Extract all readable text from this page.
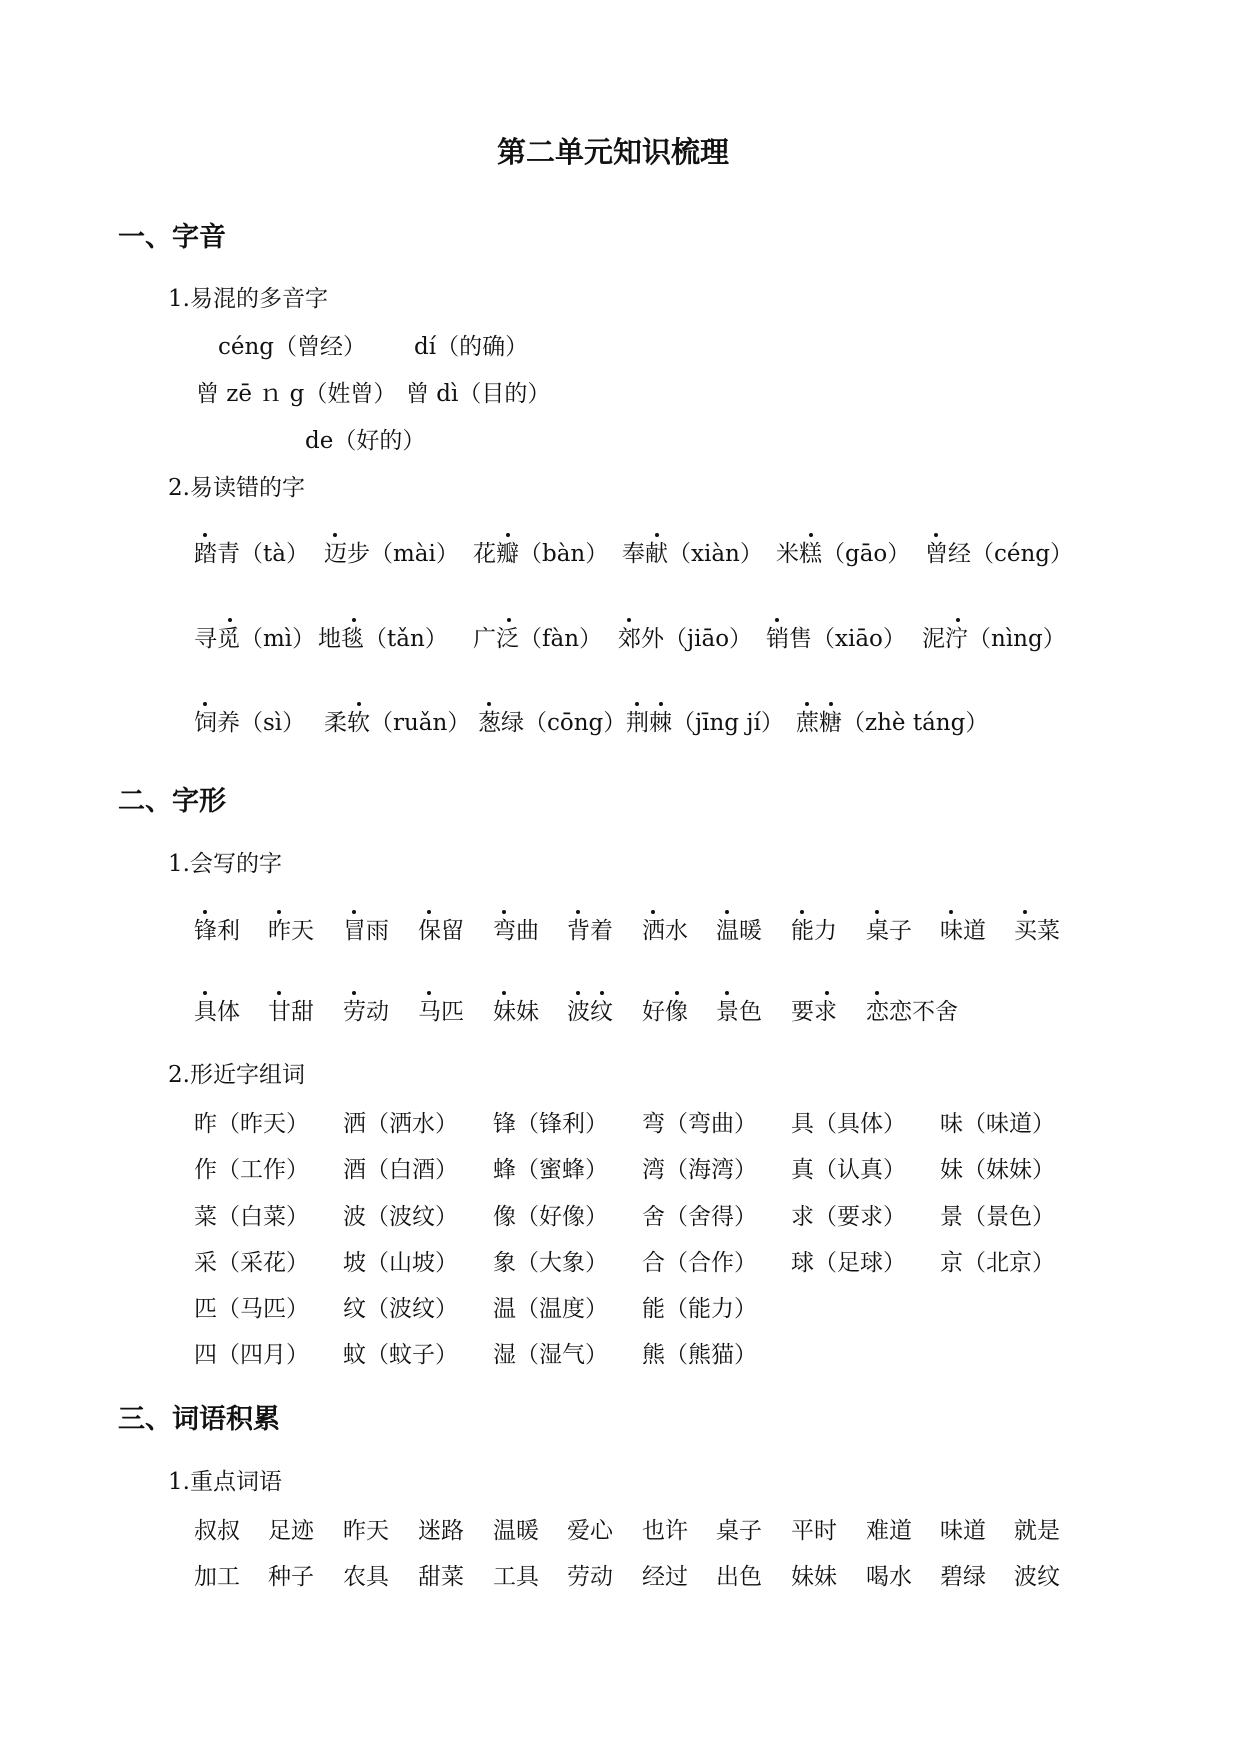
第二单元知识梳理
一、字音
1.易混的多音字
céng（曾经） dí（的确）
曾 zē ｎ g（姓曾） 曾 dì（目的）
de（好的）
2.易读错的字
踏青（tà） 迈步（mài） 花瓣（bàn） 奉献（xiàn） 米糕（gāo） 曾经（céng）
寻觅（mì） 地毯（tǎn） 广泛（fàn） 郊外（jiāo） 销售（xiāo） 泥泞（nìng）
饲养（sì） 柔软（ruǎn） 葱绿（cōng） 荆棘（jīng jí） 蔗糖（zhè táng）
二、字形
1.会写的字
锋利 昨天 冒雨 保留 弯曲 背着 洒水 温暖 能力 桌子 味道 买菜
具体 甘甜 劳动 马匹 妹妹 波纹 好像 景色 要求 恋恋不舍
2.形近字组词
昨（昨天） 洒（洒水） 锋（锋利） 弯（弯曲） 具（具体） 味（味道）
作（工作） 酒（白酒） 蜂（蜜蜂） 湾（海湾） 真（认真） 妹（妹妹）
菜（白菜） 波（波纹） 像（好像） 舍（舍得） 求（要求） 景（景色）
采（采花） 坡（山坡） 象（大象） 合（合作） 球（足球） 京（北京）
匹（马匹） 纹（波纹） 温（温度） 能（能力）
四（四月） 蚊（蚊子） 湿（湿气） 熊（熊猫）
三、词语积累
1.重点词语
叔叔 足迹 昨天 迷路 温暖 爱心 也许 桌子 平时 难道 味道 就是
加工 种子 农具 甜菜 工具 劳动 经过 出色 妹妹 喝水 碧绿 波纹
